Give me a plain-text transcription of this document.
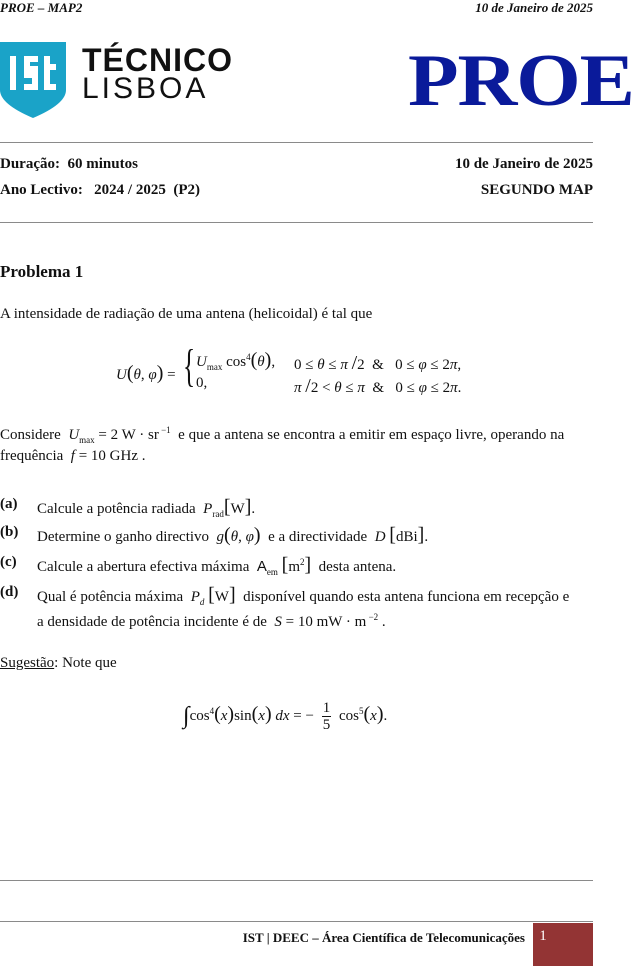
PROE – MAP2	10 de Janeiro de 2025
TÉCNICO
LISBOA	PROE
Duração: 60 minutos	10 de Janeiro de 2025
Ano Lectivo: 2024 / 2025 (P2)	SEGUNDO MAP
Problema 1
A intensidade de radiação de uma antena (helicoidal) é tal que
U(θ, φ) = { $U_{max}$ $\cos^4(\theta)$, 0 ≤ θ ≤ π /2  &   0 ≤ φ ≤ 2π,
0,	π /2 < θ ≤ π  &   0 ≤ φ ≤ 2π.
Considere  $U_{max} = 2$ W · sr $^{-1}$ e que a antena se encontra a emitir em espaço livre, operando na
frequência f = 10 GHz .
(a) Calcule a potência radiada $P_{rad}[W]$.
(b) Determine o ganho directivo g(θ, φ) e a directividade D [dBi].
(c) Calcule a abertura efectiva máxima $A_{em}$ $[m^2]$ desta antena.
(d) Qual é potência máxima $P_d$ [W] disponível quando esta antena funciona em recepção e
a densidade de potência incidente é de S = 10 mW · m $^{-2}$ .
Sugestão: Note que
$\int\cos^4(x)\sin(x)$ dx = − $\frac{1}{5} \cos^5(x)$.
IST | DEEC – Área Científica de Telecomunicações 1
